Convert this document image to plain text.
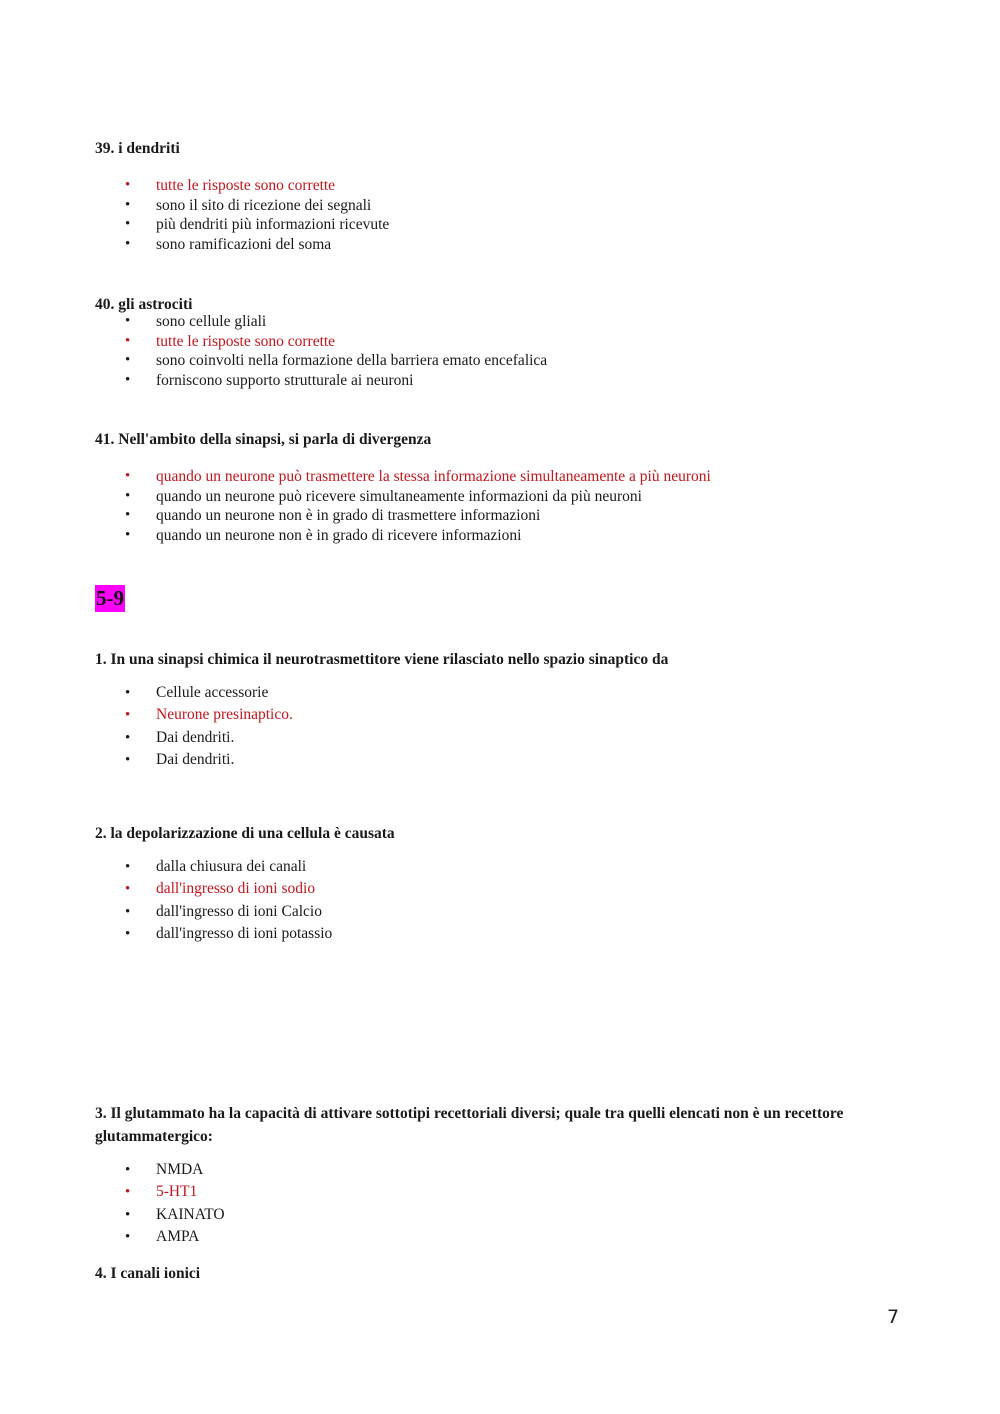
39. i dendriti

• tutte le risposte sono corrette
• sono il sito di ricezione dei segnali
• più dendriti più informazioni ricevute
• sono ramificazioni del soma

40. gli astrociti

• sono cellule gliali
• tutte le risposte sono corrette
• sono coinvolti nella formazione della barriera emato encefalica
• forniscono supporto strutturale ai neuroni

41. Nell'ambito della sinapsi, si parla di divergenza

• quando un neurone può trasmettere la stessa informazione simultaneamente a più neuroni
• quando un neurone può ricevere simultaneamente informazioni da più neuroni
• quando un neurone non è in grado di trasmettere informazioni
• quando un neurone non è in grado di ricevere informazioni
5-9

1. In una sinapsi chimica il neurotrasmettitore viene rilasciato nello spazio sinaptico da

• Cellule accessorie
• Neurone presinaptico.
• Dai dendriti.
• Dai dendriti.

2. la depolarizzazione di una cellula è causata

• dalla chiusura dei canali
• dall'ingresso di ioni sodio
• dall'ingresso di ioni Calcio
• dall'ingresso di ioni potassio

3. Il glutammato ha la capacità di attivare sottotipi recettoriali diversi; quale tra quelli elencati non è un recettore glutammatergico:

• NMDA
• 5-HT1
• KAINATO
• AMPA

4. I canali ionici

7
